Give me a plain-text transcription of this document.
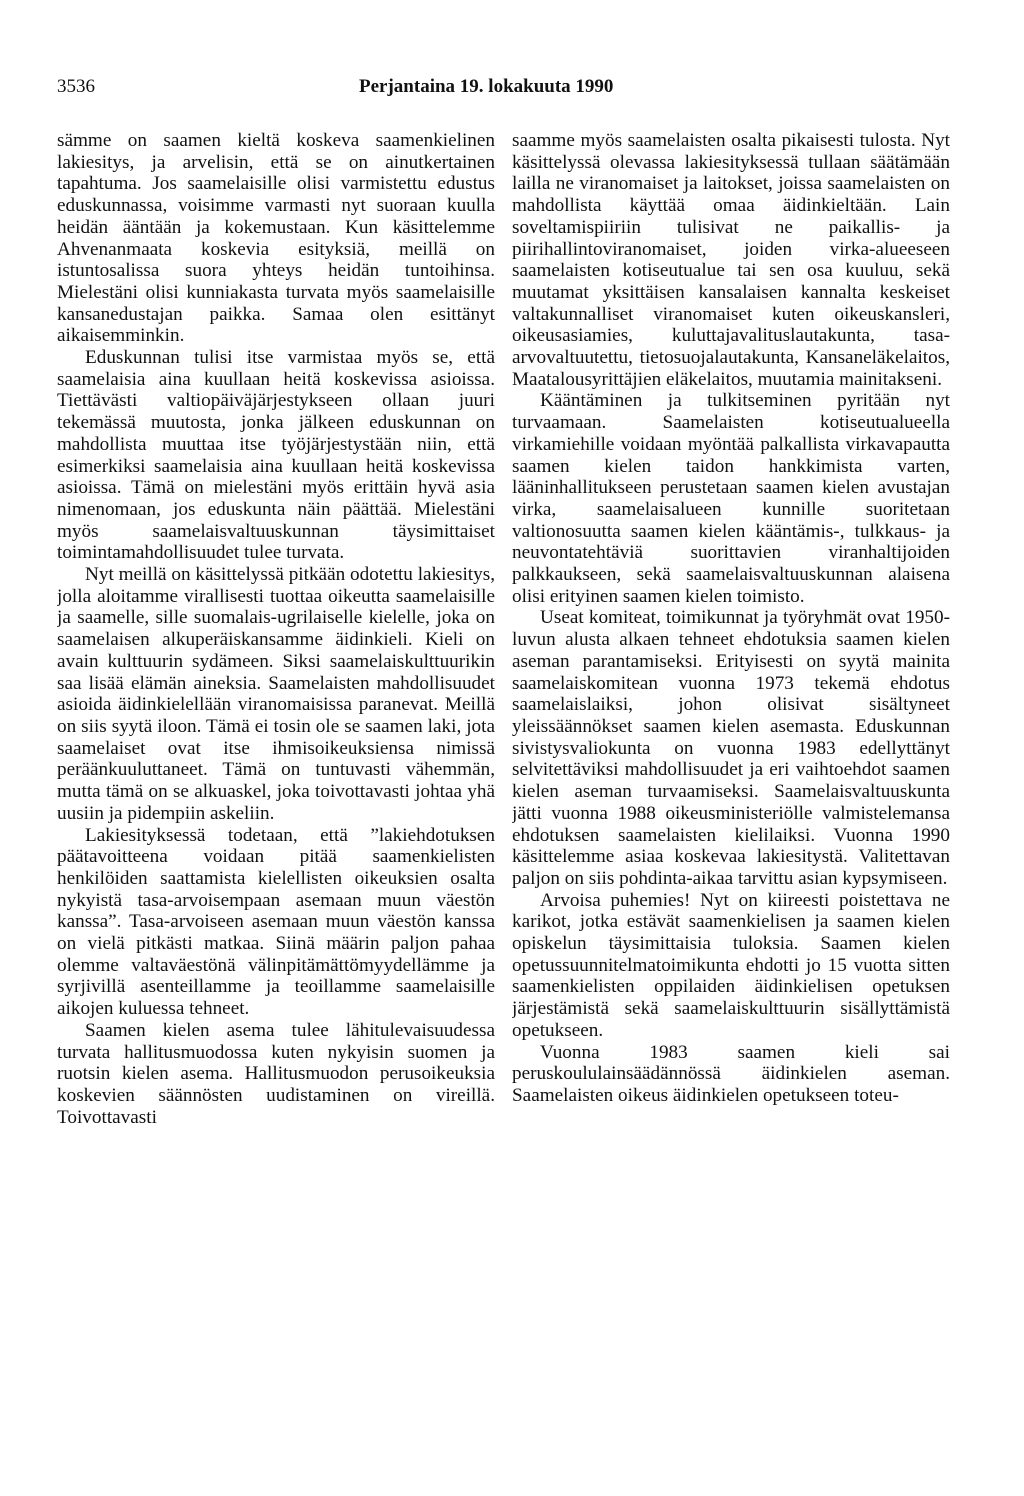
3536	Perjantaina 19. lokakuuta 1990

sämme on saamen kieltä koskeva saamenkielinen lakiesitys, ja arvelisin, että se on ainutkertainen tapahtuma. Jos saamelaisille olisi varmistettu edustus eduskunnassa, voisimme varmasti nyt suoraan kuulla heidän ääntään ja kokemustaan. Kun käsittelemme Ahvenanmaata koskevia esityksiä, meillä on istuntosalissa suora yhteys heidän tuntoihinsa. Mielestäni olisi kunniakasta turvata myös saamelaisille kansanedustajan paikka. Samaa olen esittänyt aikaisemminkin.

Eduskunnan tulisi itse varmistaa myös se, että saamelaisia aina kuullaan heitä koskevissa asioissa. Tiettävästi valtiopäiväjärjestykseen ollaan juuri tekemässä muutosta, jonka jälkeen eduskunnan on mahdollista muuttaa itse työjärjestystään niin, että esimerkiksi saamelaisia aina kuullaan heitä koskevissa asioissa. Tämä on mielestäni myös erittäin hyvä asia nimenomaan, jos eduskunta näin päättää. Mielestäni myös saamelaisvaltuuskunnan täysimittaiset toimintamahdollisuudet tulee turvata.

Nyt meillä on käsittelyssä pitkään odotettu lakiesitys, jolla aloitamme virallisesti tuottaa oikeutta saamelaisille ja saamelle, sille suomalais-ugrilaiselle kielelle, joka on saamelaisen alkuperäiskansamme äidinkieli. Kieli on avain kulttuurin sydämeen. Siksi saamelaiskulttuurikin saa lisää elämän aineksia. Saamelaisten mahdollisuudet asioida äidinkielellään viranomaisissa paranevat. Meillä on siis syytä iloon. Tämä ei tosin ole se saamen laki, jota saamelaiset ovat itse ihmisoikeuksiensa nimissä peräänkuuluttaneet. Tämä on tuntuvasti vähemmän, mutta tämä on se alkuaskel, joka toivottavasti johtaa yhä uusiin ja pidempiin askeliin.

Lakiesityksessä todetaan, että ”lakiehdotuksen päätavoitteena voidaan pitää saamenkielisten henkilöiden saattamista kielellisten oikeuksien osalta nykyistä tasa-arvoisempaan asemaan muun väestön kanssa”. Tasa-arvoiseen asemaan muun väestön kanssa on vielä pitkästi matkaa. Siinä määrin paljon pahaa olemme valtaväestönä välinpitämättömyydellämme ja syrjivillä asenteillamme ja teoillamme saamelaisille aikojen kuluessa tehneet.

Saamen kielen asema tulee lähitulevaisuudessa turvata hallitusmuodossa kuten nykyisin suomen ja ruotsin kielen asema. Hallitusmuodon perusoikeuksia koskevien säännösten uudistaminen on vireillä. Toivottavasti

saamme myös saamelaisten osalta pikaisesti tulosta. Nyt käsittelyssä olevassa lakiesityksessä tullaan säätämään lailla ne viranomaiset ja laitokset, joissa saamelaisten on mahdollista käyttää omaa äidinkieltään. Lain soveltamispiiriin tulisivat ne paikallis- ja piirihallintoviranomaiset, joiden virka-alueeseen saamelaisten kotiseutualue tai sen osa kuuluu, sekä muutamat yksittäisen kansalaisen kannalta keskeiset valtakunnalliset viranomaiset kuten oikeuskansleri, oikeusasiamies, kuluttajavalituslautakunta, tasa-arvovaltuutettu, tietosuojalautakunta, Kansaneläkelaitos, Maatalousyrittäjien eläkelaitos, muutamia mainitakseni.

Kääntäminen ja tulkitseminen pyritään nyt turvaamaan. Saamelaisten kotiseutualueella virkamiehille voidaan myöntää palkallista virkavapautta saamen kielen taidon hankkimista varten, lääninhallitukseen perustetaan saamen kielen avustajan virka, saamelaisalueen kunnille suoritetaan valtionosuutta saamen kielen kääntämis-, tulkkaus- ja neuvontatehtäviä suorittavien viranhaltijoiden palkkaukseen, sekä saamelaisvaltuuskunnan alaisena olisi erityinen saamen kielen toimisto.

Useat komiteat, toimikunnat ja työryhmät ovat 1950-luvun alusta alkaen tehneet ehdotuksia saamen kielen aseman parantamiseksi. Erityisesti on syytä mainita saamelaiskomitean vuonna 1973 tekemä ehdotus saamelaislaiksi, johon olisivat sisältyneet yleissäännökset saamen kielen asemasta. Eduskunnan sivistysvaliokunta on vuonna 1983 edellyttänyt selvitettäviksi mahdollisuudet ja eri vaihtoehdot saamen kielen aseman turvaamiseksi. Saamelaisvaltuuskunta jätti vuonna 1988 oikeusministeriölle valmistelemansa ehdotuksen saamelaisten kielilaiksi. Vuonna 1990 käsittelemme asiaa koskevaa lakiesitystä. Valitettavan paljon on siis pohdinta-aikaa tarvittu asian kypsymiseen.

Arvoisa puhemies! Nyt on kiireesti poistettava ne karikot, jotka estävät saamenkielisen ja saamen kielen opiskelun täysimittaisia tuloksia. Saamen kielen opetussuunnitelmatoimikunta ehdotti jo 15 vuotta sitten saamenkielisten oppilaiden äidinkielisen opetuksen järjestämistä sekä saamelaiskulttuurin sisällyttämistä opetukseen.

Vuonna 1983 saamen kieli sai peruskoululainsäädännössä äidinkielen aseman. Saamelaisten oikeus äidinkielen opetukseen toteu-
